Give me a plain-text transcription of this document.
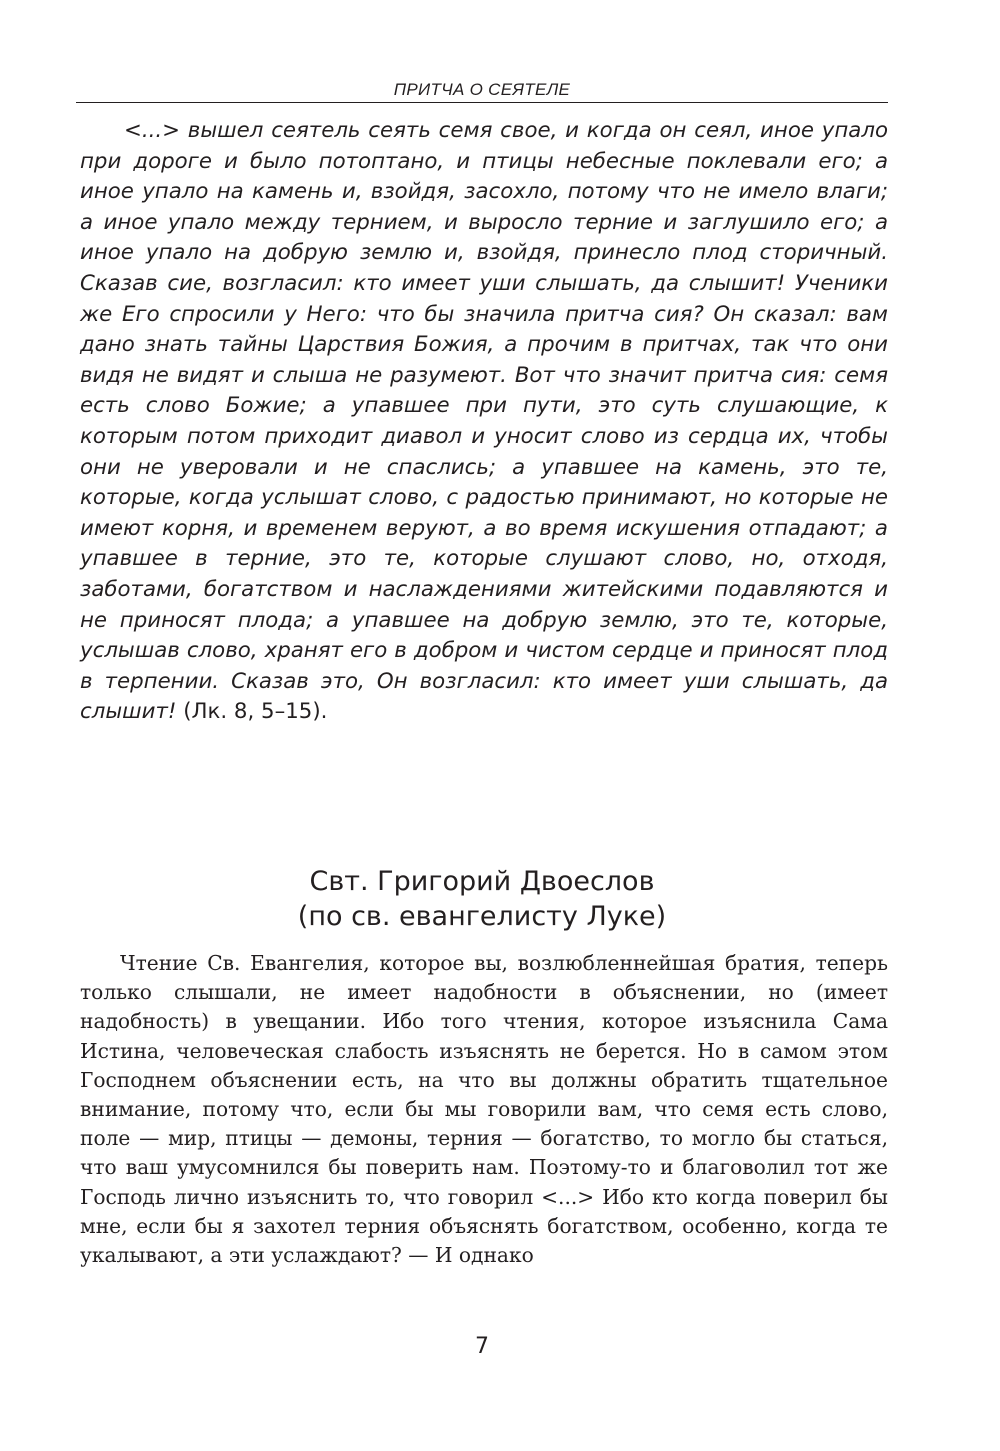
ПРИТЧА О СЕЯТЕЛЕ

<...> вышел сеятель сеять семя свое, и когда он сеял, иное упало при дороге и было потоптано, и птицы небесные поклевали его; а иное упало на камень и, взойдя, засохло, потому что не имело влаги; а иное упало между тернием, и выросло терние и заглушило его; а иное упало на добрую землю и, взойдя, принесло плод сторичный. Сказав сие, возгласил: кто имеет уши слышать, да слышит! Ученики же Его спросили у Него: что бы значила притча сия? Он сказал: вам дано знать тайны Царствия Божия, а прочим в притчах, так что они видя не видят и слыша не разумеют. Вот что значит притча сия: семя есть слово Божие; а упавшее при пути, это суть слушающие, к которым потом приходит диавол и уносит слово из сердца их, чтобы они не уверовали и не спаслись; а упавшее на камень, это те, которые, когда услышат слово, с радостью принимают, но которые не имеют корня, и временем веруют, а во время искушения отпадают; а упавшее в терние, это те, которые слушают слово, но, отходя, заботами, богатством и наслаждениями житейскими подавляются и не приносят плода; а упавшее на добрую землю, это те, которые, услышав слово, хранят его в добром и чистом сердце и приносят плод в терпении. Сказав это, Он возгласил: кто имеет уши слышать, да слышит! (Лк. 8, 5–15).

Свт. Григорий Двоеслов
(по св. евангелисту Луке)

Чтение Св. Евангелия, которое вы, возлюбленнейшая братия, теперь только слышали, не имеет надобности в объяснении, но (имеет надобность) в увещании. Ибо того чтения, которое изъяснила Сама Истина, человеческая слабость изъяснять не берется. Но в самом этом Господнем объяснении есть, на что вы должны обратить тщательное внимание, потому что, если бы мы говорили вам, что семя есть слово, поле — мир, птицы — демоны, терния — богатство, то могло бы статься, что ваш умусомнился бы поверить нам. Поэтому-то и благоволил тот же Господь лично изъяснить то, что говорил <...> Ибо кто когда поверил бы мне, если бы я захотел терния объяснять богатством, особенно, когда те укалывают, а эти услаждают? — И однако

7
